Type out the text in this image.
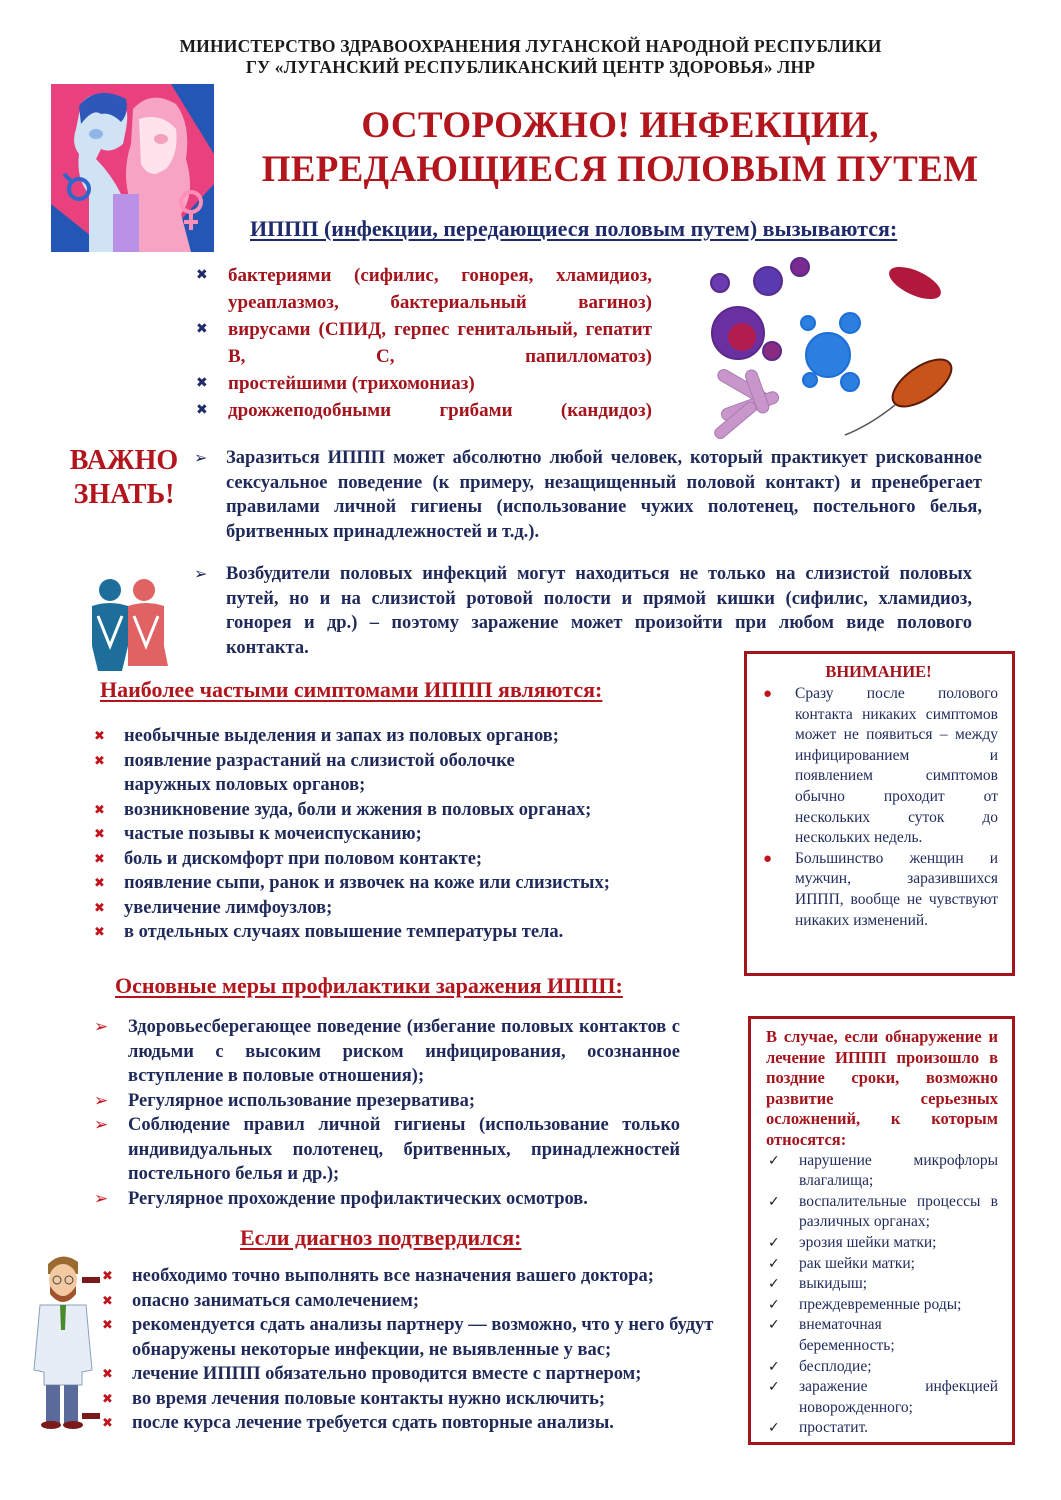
МИНИСТЕРСТВО ЗДРАВООХРАНЕНИЯ ЛУГАНСКОЙ НАРОДНОЙ РЕСПУБЛИКИ
ГУ «ЛУГАНСКИЙ РЕСПУБЛИКАНСКИЙ ЦЕНТР ЗДОРОВЬЯ» ЛНР
ОСТОРОЖНО! ИНФЕКЦИИ,
ПЕРЕДАЮЩИЕСЯ ПОЛОВЫМ ПУТЕМ
ИППП (инфекции, передающиеся половым путем) вызываются:
✖ бактериями (сифилис, гонорея, хламидиоз, уреаплазмоз, бактериальный вагиноз)
✖ вирусами (СПИД, герпес генитальный, гепатит В, С, папилломатоз)
✖ простейшими (трихомониаз)
✖ дрожжеподобными грибами (кандидоз)
ВАЖНО
ЗНАТЬ!
➢ Заразиться ИППП может абсолютно любой человек, который практикует рискованное сексуальное поведение (к примеру, незащищенный половой контакт) и пренебрегает правилами личной гигиены (использование чужих полотенец, постельного белья, бритвенных принадлежностей и т.д.).
➢ Возбудители половых инфекций могут находиться не только на слизистой половых путей, но и на слизистой ротовой полости и прямой кишки (сифилис, хламидиоз, гонорея и др.) – поэтому заражение может произойти при любом виде полового контакта.
Наиболее частыми симптомами ИППП являются:
✖ необычные выделения и запах из половых органов;
✖ появление разрастаний на слизистой оболочке наружных половых органов;
✖ возникновение зуда, боли и жжения в половых органах;
✖ частые позывы к мочеиспусканию;
✖ боль и дискомфорт при половом контакте;
✖ появление сыпи, ранок и язвочек на коже или слизистых;
✖ увеличение лимфоузлов;
✖ в отдельных случаях повышение температуры тела.
ВНИМАНИЕ!
● Сразу после полового контакта никаких симптомов может не появиться – между инфицированием и появлением симптомов обычно проходит от нескольких суток до нескольких недель.
● Большинство женщин и мужчин, заразившихся ИППП, вообще не чувствуют никаких изменений.
Основные меры профилактики заражения ИППП:
➢ Здоровьесберегающее поведение (избегание половых контактов с людьми с высоким риском инфицирования, осознанное вступление в половые отношения);
➢ Регулярное использование презерватива;
➢ Соблюдение правил личной гигиены (использование только индивидуальных полотенец, бритвенных, принадлежностей постельного белья и др.);
➢ Регулярное прохождение профилактических осмотров.
В случае, если обнаружение и лечение ИППП произошло в поздние сроки, возможно развитие серьезных осложнений, к которым относятся:
✓ нарушение микрофлоры влагалища;
✓ воспалительные процессы в различных органах;
✓ эрозия шейки матки;
✓ рак шейки матки;
✓ выкидыш;
✓ преждевременные роды;
✓ внематочная беременность;
✓ бесплодие;
✓ заражение инфекцией новорожденного;
✓ простатит.
Если диагноз подтвердился:
✖ необходимо точно выполнять все назначения вашего доктора;
✖ опасно заниматься самолечением;
✖ рекомендуется сдать анализы партнеру — возможно, что у него будут обнаружены некоторые инфекции, не выявленные у вас;
✖ лечение ИППП обязательно проводится вместе с партнером;
✖ во время лечения половые контакты нужно исключить;
✖ после курса лечение требуется сдать повторные анализы.
